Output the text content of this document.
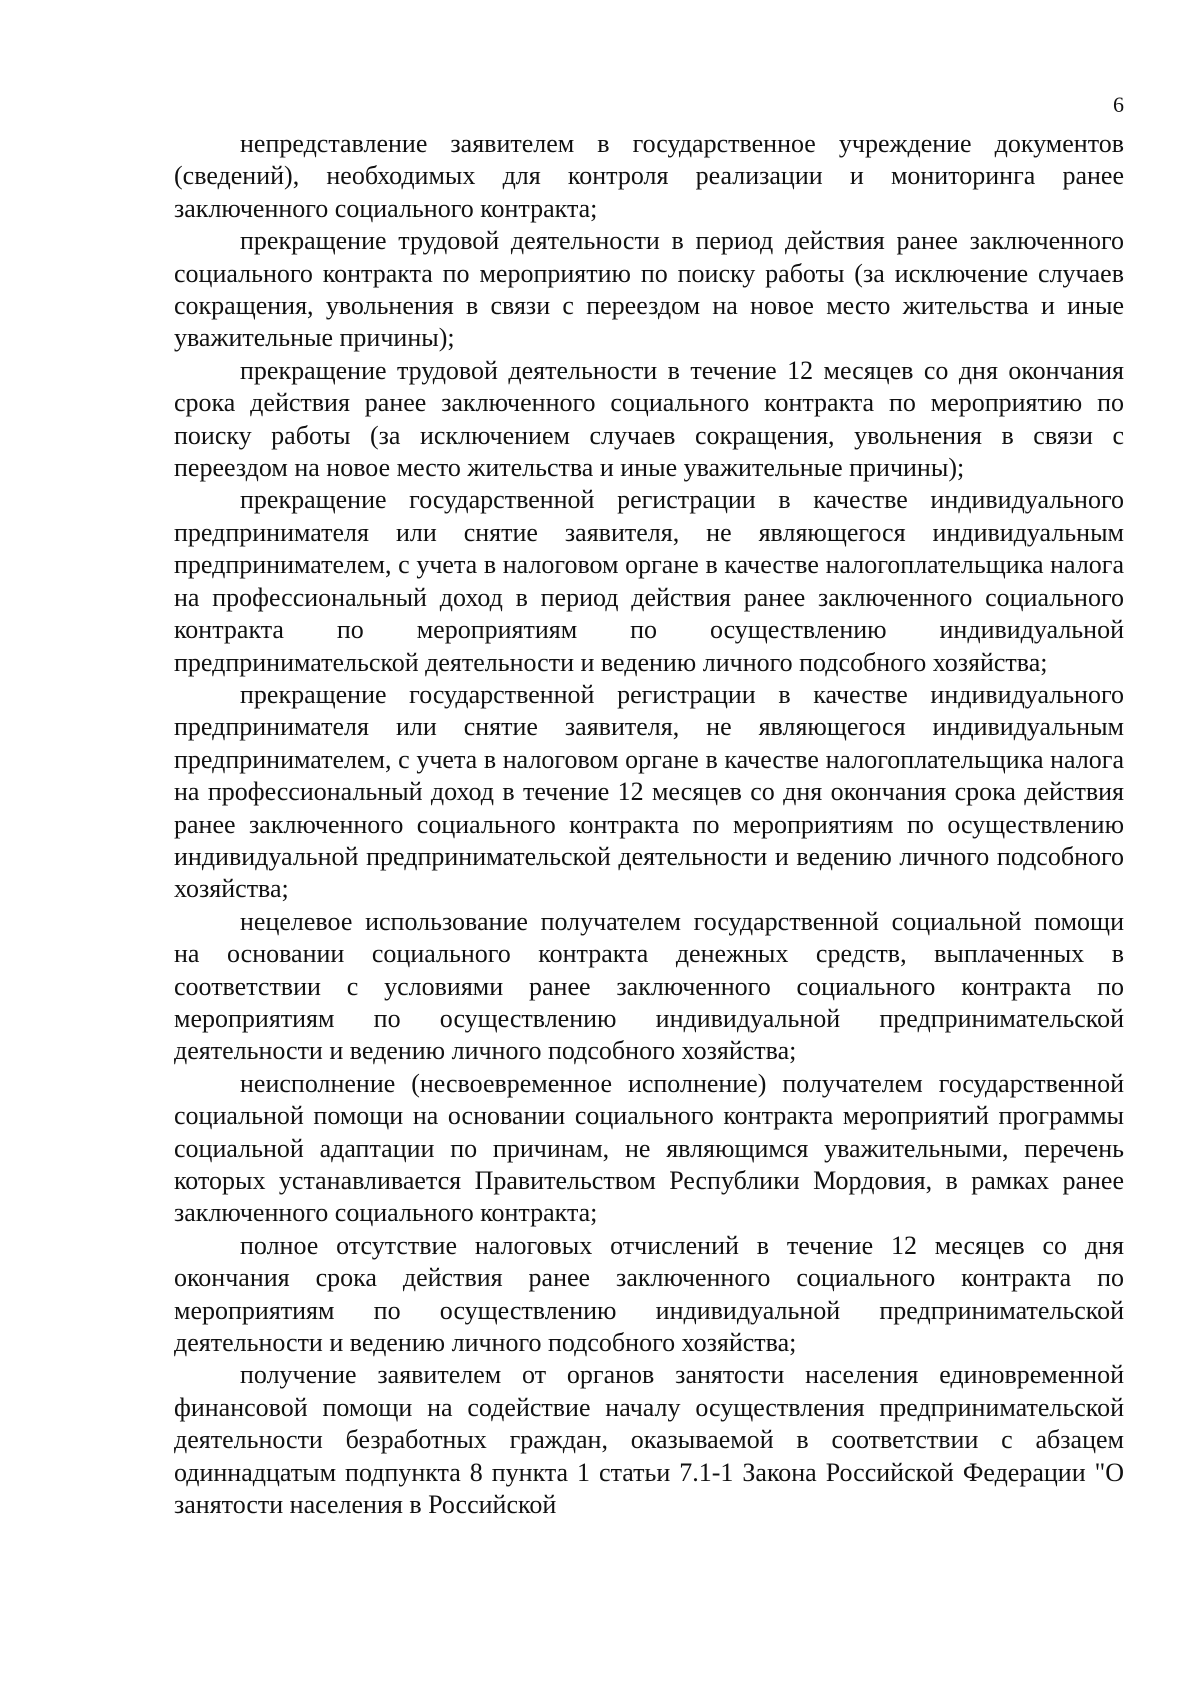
6

непредставление заявителем в государственное учреждение документов (сведений), необходимых для контроля реализации и мониторинга ранее заключенного социального контракта;

прекращение трудовой деятельности в период действия ранее заключенного социального контракта по мероприятию по поиску работы (за исключение случаев сокращения, увольнения в связи с переездом на новое место жительства и иные уважительные причины);

прекращение трудовой деятельности в течение 12 месяцев со дня окончания срока действия ранее заключенного социального контракта по мероприятию по поиску работы (за исключением случаев сокращения, увольнения в связи с переездом на новое место жительства и иные уважительные причины);

прекращение государственной регистрации в качестве индивидуального предпринимателя или снятие заявителя, не являющегося индивидуальным предпринимателем, с учета в налоговом органе в качестве налогоплательщика налога на профессиональный доход в период действия ранее заключенного социального контракта по мероприятиям по осуществлению индивидуальной предпринимательской деятельности и ведению личного подсобного хозяйства;

прекращение государственной регистрации в качестве индивидуального предпринимателя или снятие заявителя, не являющегося индивидуальным предпринимателем, с учета в налоговом органе в качестве налогоплательщика налога на профессиональный доход в течение 12 месяцев со дня окончания срока действия ранее заключенного социального контракта по мероприятиям по осуществлению индивидуальной предпринимательской деятельности и ведению личного подсобного хозяйства;

нецелевое использование получателем государственной социальной помощи на основании социального контракта денежных средств, выплаченных в соответствии с условиями ранее заключенного социального контракта по мероприятиям по осуществлению индивидуальной предпринимательской деятельности и ведению личного подсобного хозяйства;

неисполнение (несвоевременное исполнение) получателем государственной социальной помощи на основании социального контракта мероприятий программы социальной адаптации по причинам, не являющимся уважительными, перечень которых устанавливается Правительством Республики Мордовия, в рамках ранее заключенного социального контракта;

полное отсутствие налоговых отчислений в течение 12 месяцев со дня окончания срока действия ранее заключенного социального контракта по мероприятиям по осуществлению индивидуальной предпринимательской деятельности и ведению личного подсобного хозяйства;

получение заявителем от органов занятости населения единовременной финансовой помощи на содействие началу осуществления предпринимательской деятельности безработных граждан, оказываемой в соответствии с абзацем одиннадцатым подпункта 8 пункта 1 статьи 7.1-1 Закона Российской Федерации "О занятости населения в Российской
